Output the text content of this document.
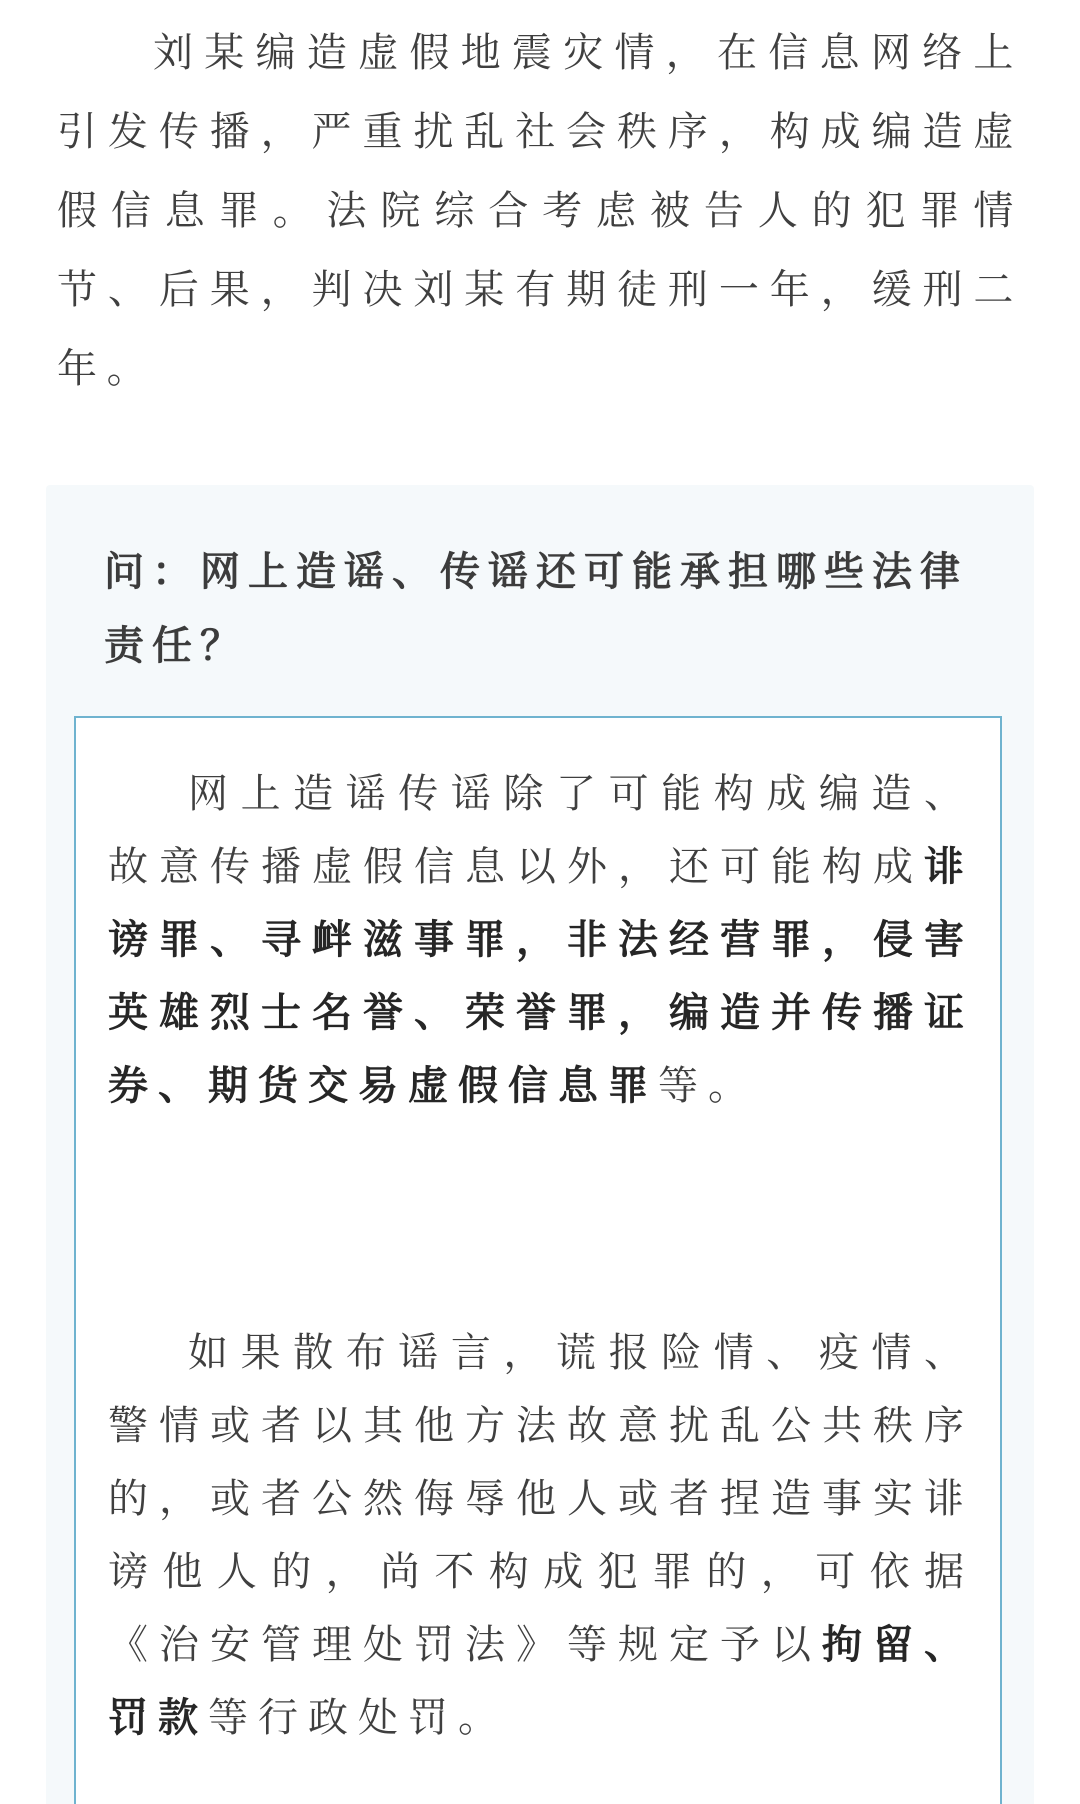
刘某编造虚假地震灾情，在信息网络上引发传播，严重扰乱社会秩序，构成编造虚假信息罪。法院综合考虑被告人的犯罪情节、后果，判决刘某有期徒刑一年，缓刑二年。

问：网上造谣、传谣还可能承担哪些法律责任？

网上造谣传谣除了可能构成编造、故意传播虚假信息以外，还可能构成诽谤罪、寻衅滋事罪，非法经营罪，侵害英雄烈士名誉、荣誉罪，编造并传播证券、期货交易虚假信息罪等。

如果散布谣言，谎报险情、疫情、警情或者以其他方法故意扰乱公共秩序的，或者公然侮辱他人或者捏造事实诽谤他人的，尚不构成犯罪的，可依据《治安管理处罚法》等规定予以拘留、罚款等行政处罚。
